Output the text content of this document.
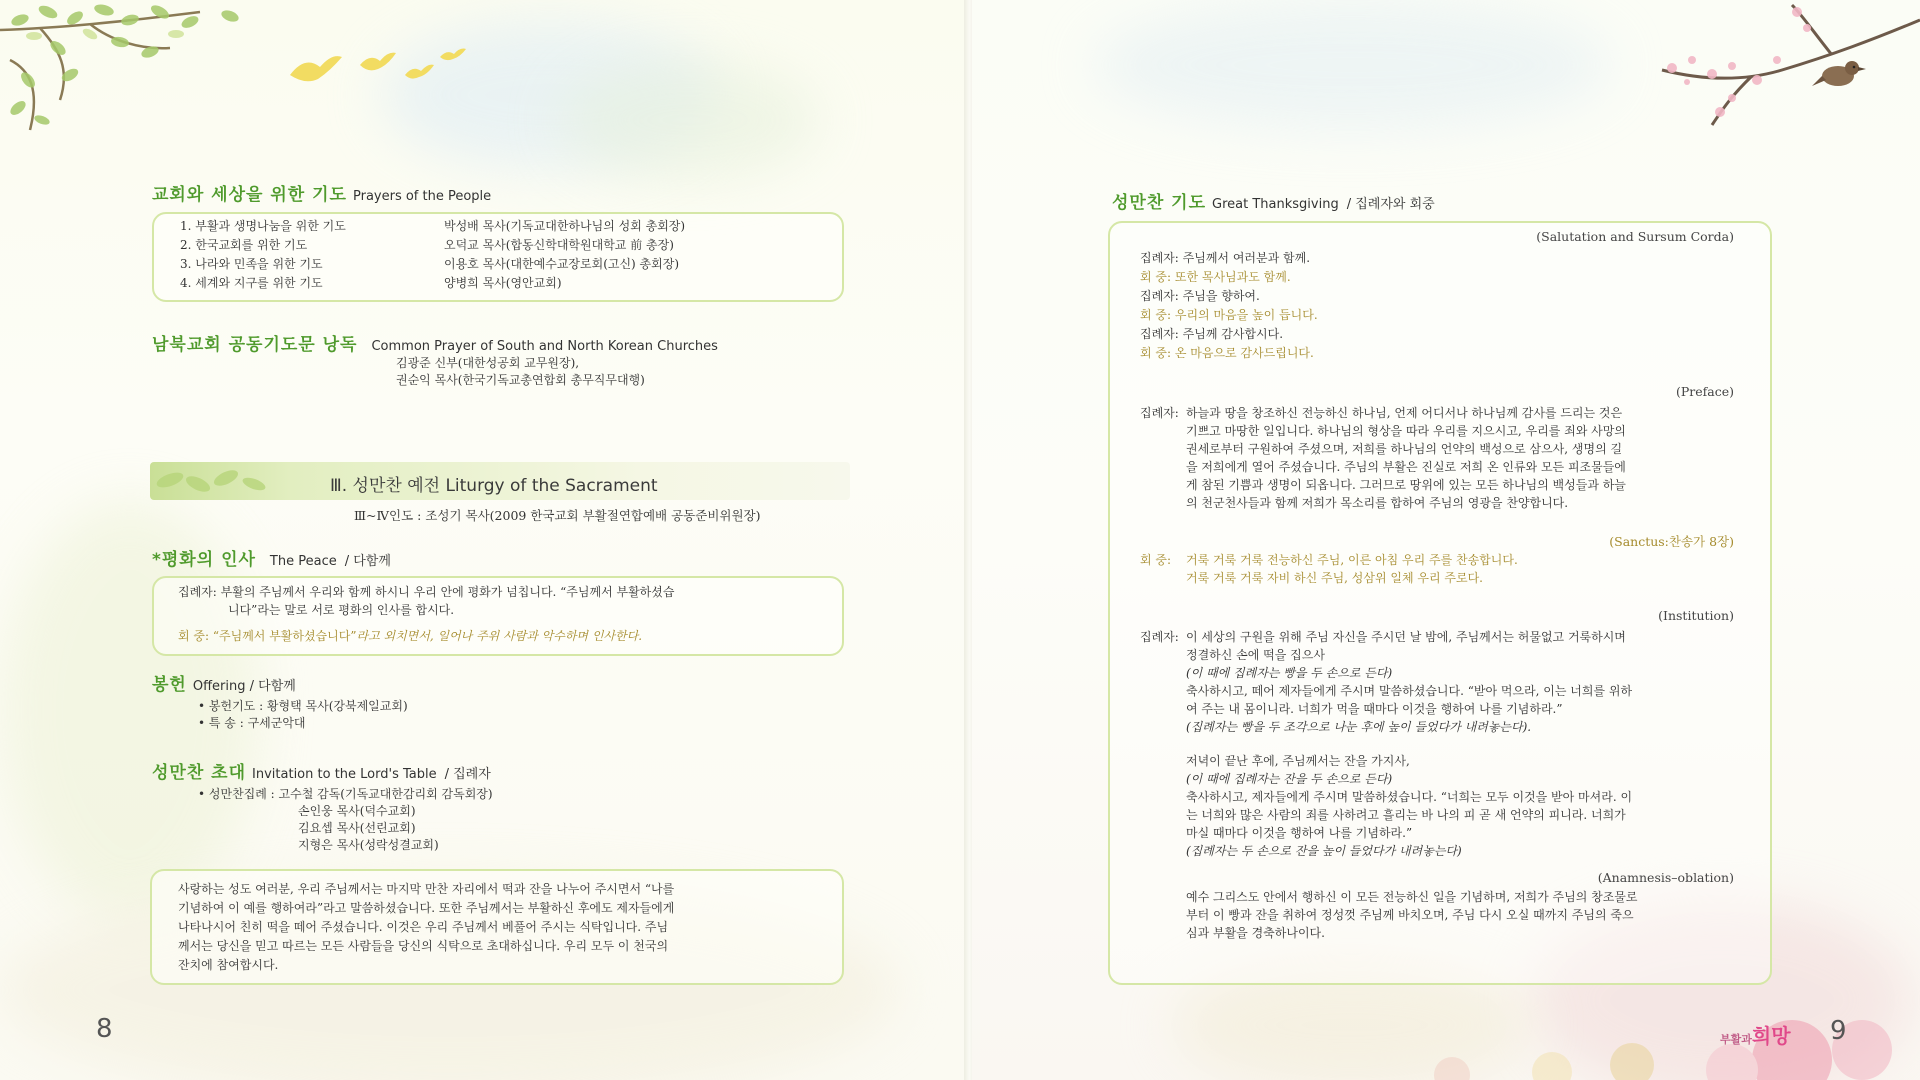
교회와 세상을 위한 기도 Prayers of the People
1. 부활과 생명나눔을 위한 기도	박성배 목사(기독교대한하나님의 성회 총회장)
2. 한국교회를 위한 기도	오덕교 목사(합동신학대학원대학교 前 총장)
3. 나라와 민족을 위한 기도	이용호 목사(대한예수교장로회(고신) 총회장)
4. 세계와 지구를 위한 기도	양병희 목사(영안교회)
남북교회 공동기도문 낭독 Common Prayer of South and North Korean Churches
김광준 신부(대한성공회 교무원장),
권순익 목사(한국기독교총연합회 총무직무대행)
Ⅲ. 성만찬 예전 Liturgy of the Sacrament
Ⅲ~Ⅳ인도 : 조성기 목사(2009 한국교회 부활절연합예배 공동준비위원장)
*평화의 인사 The Peace / 다함께
집례자: 부활의 주님께서 우리와 함께 하시니 우리 안에 평화가 넘칩니다. “주님께서 부활하셨습
니다”라는 말로 서로 평화의 인사를 합시다.
회 중: “주님께서 부활하셨습니다”라고 외치면서, 일어나 주위 사람과 악수하며 인사한다.
봉헌 Offering / 다함께
• 봉헌기도 : 황형택 목사(강북제일교회)
• 특 송 : 구세군악대
성만찬 초대 Invitation to the Lord's Table / 집례자
• 성만찬집례 : 고수철 감독(기독교대한감리회 감독회장)
손인웅 목사(덕수교회)
김요셉 목사(선린교회)
지형은 목사(성락성결교회)
사랑하는 성도 여러분, 우리 주님께서는 마지막 만찬 자리에서 떡과 잔을 나누어 주시면서 “나를
기념하여 이 예를 행하여라”라고 말씀하셨습니다. 또한 주님께서는 부활하신 후에도 제자들에게
나타나시어 친히 떡을 떼어 주셨습니다. 이것은 우리 주님께서 베풀어 주시는 식탁입니다. 주님
께서는 당신을 믿고 따르는 모든 사람들을 당신의 식탁으로 초대하십니다. 우리 모두 이 천국의
잔치에 참여합시다.
8
성만찬 기도 Great Thanksgiving / 집례자와 회중
(Salutation and Sursum Corda)
집례자: 주님께서 여러분과 함께.
회 중: 또한 목사님과도 함께.
집례자: 주님을 향하여.
회 중: 우리의 마음을 높이 듭니다.
집례자: 주님께 감사합시다.
회 중: 온 마음으로 감사드립니다.
(Preface)
집례자: 하늘과 땅을 창조하신 전능하신 하나님, 언제 어디서나 하나님께 감사를 드리는 것은
기쁘고 마땅한 일입니다. 하나님의 형상을 따라 우리를 지으시고, 우리를 죄와 사망의
권세로부터 구원하여 주셨으며, 저희를 하나님의 언약의 백성으로 삼으사, 생명의 길
을 저희에게 열어 주셨습니다. 주님의 부활은 진실로 저희 온 인류와 모든 피조물들에
게 참된 기쁨과 생명이 되옵니다. 그러므로 땅위에 있는 모든 하나님의 백성들과 하늘
의 천군천사들과 함께 저희가 목소리를 합하여 주님의 영광을 찬양합니다.
(Sanctus:찬송가 8장)
회 중: 거룩 거룩 거룩 전능하신 주님, 이른 아침 우리 주를 찬송합니다.
거룩 거룩 거룩 자비 하신 주님, 성삼위 일체 우리 주로다.
(Institution)
집례자: 이 세상의 구원을 위해 주님 자신을 주시던 날 밤에, 주님께서는 허물없고 거룩하시며
정결하신 손에 떡을 집으사
(이 때에 집례자는 빵을 두 손으로 든다)
축사하시고, 떼어 제자들에게 주시며 말씀하셨습니다. “받아 먹으라, 이는 너희를 위하
여 주는 내 몸이니라. 너희가 먹을 때마다 이것을 행하여 나를 기념하라.”
(집례자는 빵을 두 조각으로 나눈 후에 높이 들었다가 내려놓는다).
저녁이 끝난 후에, 주님께서는 잔을 가지사,
(이 때에 집례자는 잔을 두 손으로 든다)
축사하시고, 제자들에게 주시며 말씀하셨습니다. “너희는 모두 이것을 받아 마셔라. 이
는 너희와 많은 사람의 죄를 사하려고 흘리는 바 나의 피 곧 새 언약의 피니라. 너희가
마실 때마다 이것을 행하여 나를 기념하라.”
(집례자는 두 손으로 잔을 높이 들었다가 내려놓는다)
(Anamnesis–oblation)
예수 그리스도 안에서 행하신 이 모든 전능하신 일을 기념하며, 저희가 주님의 창조물로
부터 이 빵과 잔을 취하여 정성껏 주님께 바치오며, 주님 다시 오실 때까지 주님의 죽으
심과 부활을 경축하나이다.
부활과희망 9
